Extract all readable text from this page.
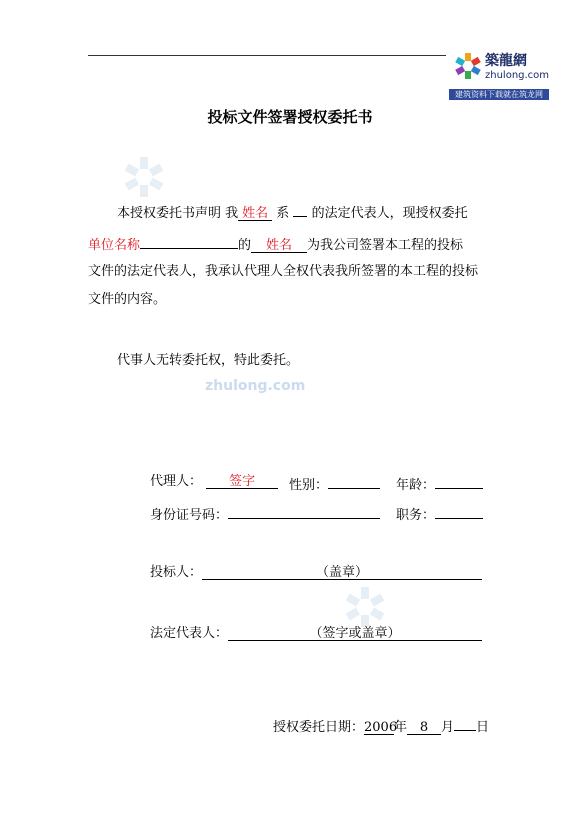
築龍網
zhulong.com
建筑资料下载就在筑龙网
zhulong.com
投标文件签署授权委托书
本授权委托书声明 我 姓名 系 的法定代表人，现授权委托
单位名称	的 姓名 为我公司签署本工程的投标
文件的法定代表人，我承认代理人全权代表我所签署的本工程的投标
文件的内容。
代事人无转委托权，特此委托。
代理人： 签字	性别：	年龄：
身份证号码：	职务：
投标人：	（盖章）
法定代表人：	（签字或盖章）
授权委托日期：2006年 8 月 日
